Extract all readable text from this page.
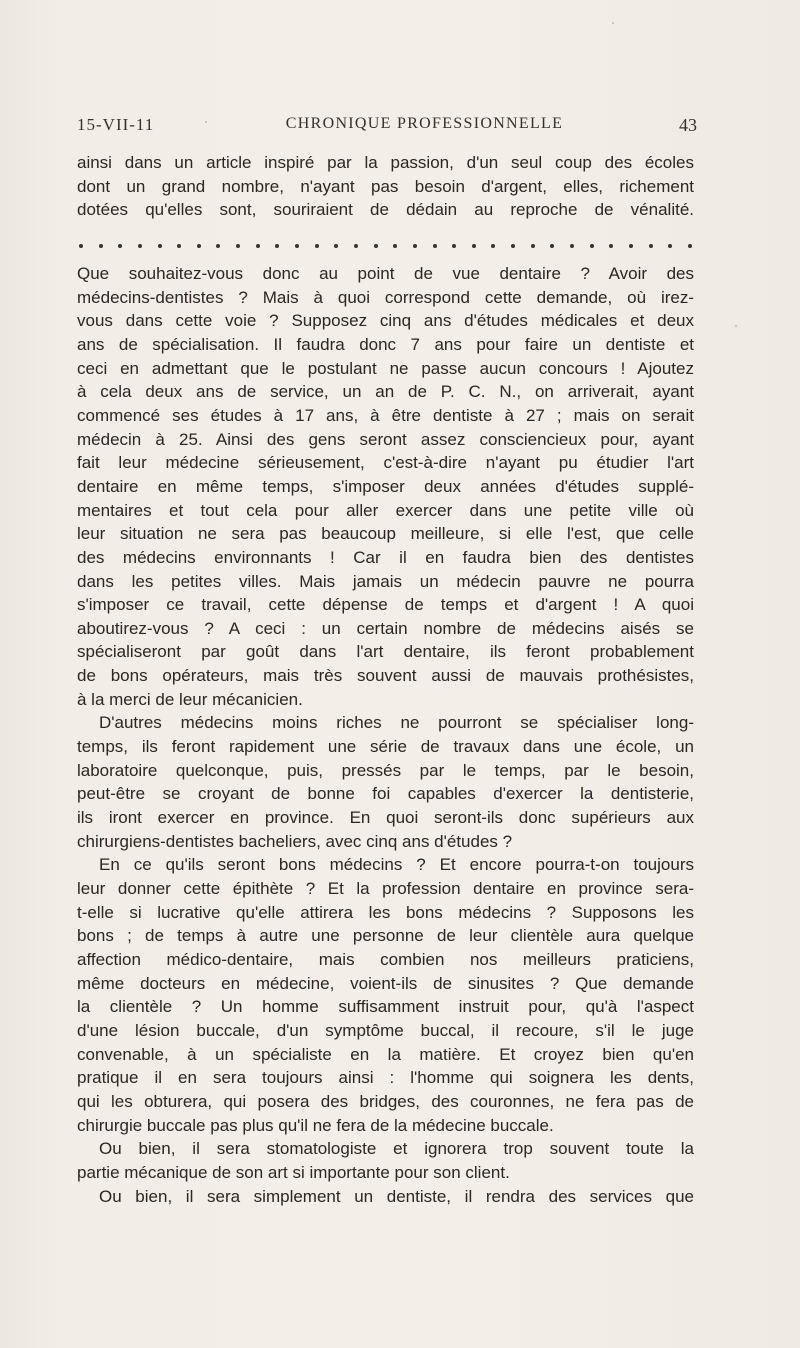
15-VII-11	CHRONIQUE PROFESSIONNELLE	43

ainsi dans un article inspiré par la passion, d'un seul coup des écoles
dont un grand nombre, n'ayant pas besoin d'argent, elles, richement
dotées qu'elles sont, souriraient de dédain au reproche de vénalité.

Que souhaitez-vous donc au point de vue dentaire ? Avoir des
médecins-dentistes ? Mais à quoi correspond cette demande, où irez-
vous dans cette voie ? Supposez cinq ans d'études médicales et deux
ans de spécialisation. Il faudra donc 7 ans pour faire un dentiste et
ceci en admettant que le postulant ne passe aucun concours ! Ajoutez
à cela deux ans de service, un an de P. C. N., on arriverait, ayant
commencé ses études à 17 ans, à être dentiste à 27 ; mais on serait
médecin à 25. Ainsi des gens seront assez consciencieux pour, ayant
fait leur médecine sérieusement, c'est-à-dire n'ayant pu étudier l'art
dentaire en même temps, s'imposer deux années d'études supplé-
mentaires et tout cela pour aller exercer dans une petite ville où
leur situation ne sera pas beaucoup meilleure, si elle l'est, que celle
des médecins environnants ! Car il en faudra bien des dentistes
dans les petites villes. Mais jamais un médecin pauvre ne pourra
s'imposer ce travail, cette dépense de temps et d'argent ! A quoi
aboutirez-vous ? A ceci : un certain nombre de médecins aisés se
spécialiseront par goût dans l'art dentaire, ils feront probablement
de bons opérateurs, mais très souvent aussi de mauvais prothésistes,
à la merci de leur mécanicien.

D'autres médecins moins riches ne pourront se spécialiser long-
temps, ils feront rapidement une série de travaux dans une école, un
laboratoire quelconque, puis, pressés par le temps, par le besoin,
peut-être se croyant de bonne foi capables d'exercer la dentisterie,
ils iront exercer en province. En quoi seront-ils donc supérieurs aux
chirurgiens-dentistes bacheliers, avec cinq ans d'études ?

En ce qu'ils seront bons médecins ? Et encore pourra-t-on toujours
leur donner cette épithète ? Et la profession dentaire en province sera-
t-elle si lucrative qu'elle attirera les bons médecins ? Supposons les
bons ; de temps à autre une personne de leur clientèle aura quelque
affection médico-dentaire, mais combien nos meilleurs praticiens,
même docteurs en médecine, voient-ils de sinusites ? Que demande
la clientèle ? Un homme suffisamment instruit pour, qu'à l'aspect
d'une lésion buccale, d'un symptôme buccal, il recoure, s'il le juge
convenable, à un spécialiste en la matière. Et croyez bien qu'en
pratique il en sera toujours ainsi : l'homme qui soignera les dents,
qui les obturera, qui posera des bridges, des couronnes, ne fera pas de
chirurgie buccale pas plus qu'il ne fera de la médecine buccale.

Ou bien, il sera stomatologiste et ignorera trop souvent toute la
partie mécanique de son art si importante pour son client.

Ou bien, il sera simplement un dentiste, il rendra des services que
